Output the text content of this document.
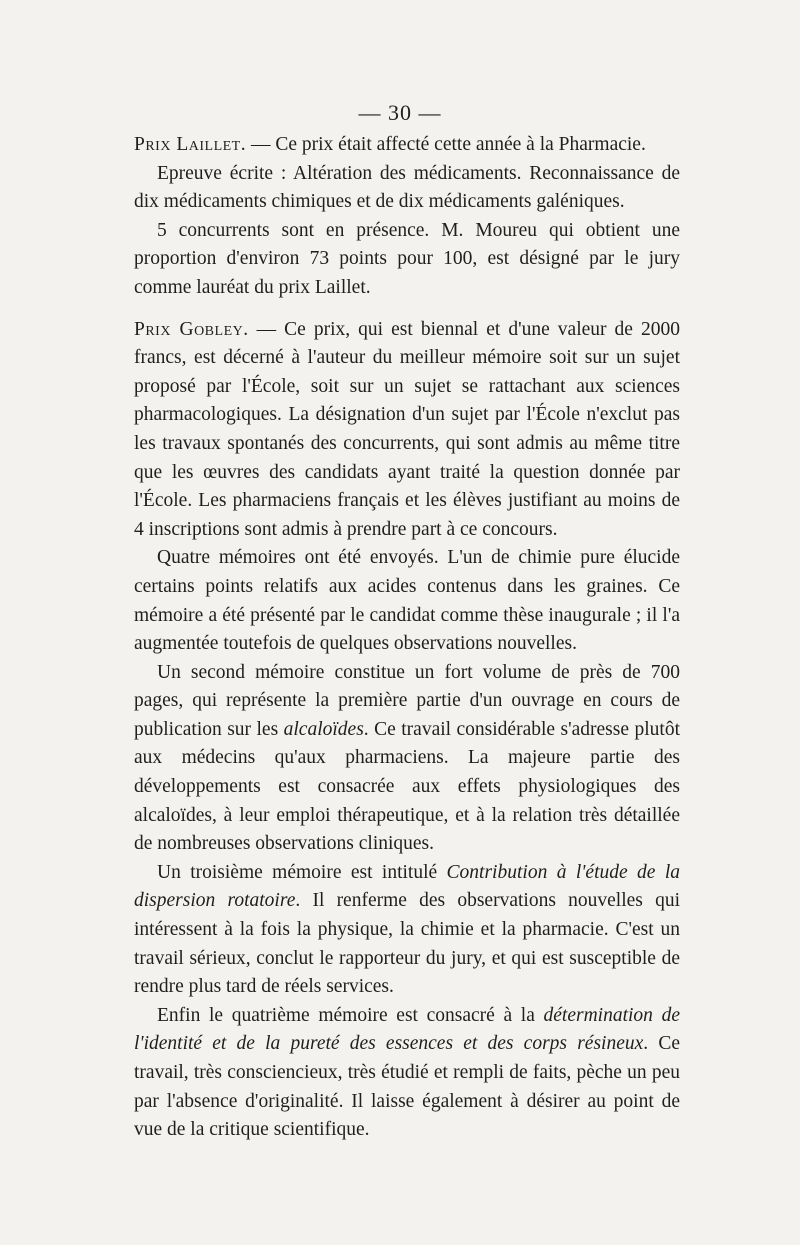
— 30 —

Prix Laillet. — Ce prix était affecté cette année à la Pharmacie.

Epreuve écrite : Altération des médicaments. Reconnaissance de dix médicaments chimiques et de dix médicaments galéniques.

5 concurrents sont en présence. M. Moureu qui obtient une proportion d'environ 73 points pour 100, est désigné par le jury comme lauréat du prix Laillet.

Prix Gobley. — Ce prix, qui est biennal et d'une valeur de 2000 francs, est décerné à l'auteur du meilleur mémoire soit sur un sujet proposé par l'École, soit sur un sujet se rattachant aux sciences pharmacologiques. La désignation d'un sujet par l'École n'exclut pas les travaux spontanés des concurrents, qui sont admis au même titre que les œuvres des candidats ayant traité la question donnée par l'École. Les pharmaciens français et les élèves justifiant au moins de 4 inscriptions sont admis à prendre part à ce concours.

Quatre mémoires ont été envoyés. L'un de chimie pure élucide certains points relatifs aux acides contenus dans les graines. Ce mémoire a été présenté par le candidat comme thèse inaugurale ; il l'a augmentée toutefois de quelques observations nouvelles.

Un second mémoire constitue un fort volume de près de 700 pages, qui représente la première partie d'un ouvrage en cours de publication sur les alcaloïdes. Ce travail considérable s'adresse plutôt aux médecins qu'aux pharmaciens. La majeure partie des développements est consacrée aux effets physiologiques des alcaloïdes, à leur emploi thérapeutique, et à la relation très détaillée de nombreuses observations cliniques.

Un troisième mémoire est intitulé Contribution à l'étude de la dispersion rotatoire. Il renferme des observations nouvelles qui intéressent à la fois la physique, la chimie et la pharmacie. C'est un travail sérieux, conclut le rapporteur du jury, et qui est susceptible de rendre plus tard de réels services.

Enfin le quatrième mémoire est consacré à la détermination de l'identité et de la pureté des essences et des corps résineux. Ce travail, très consciencieux, très étudié et rempli de faits, pèche un peu par l'absence d'originalité. Il laisse également à désirer au point de vue de la critique scientifique.
